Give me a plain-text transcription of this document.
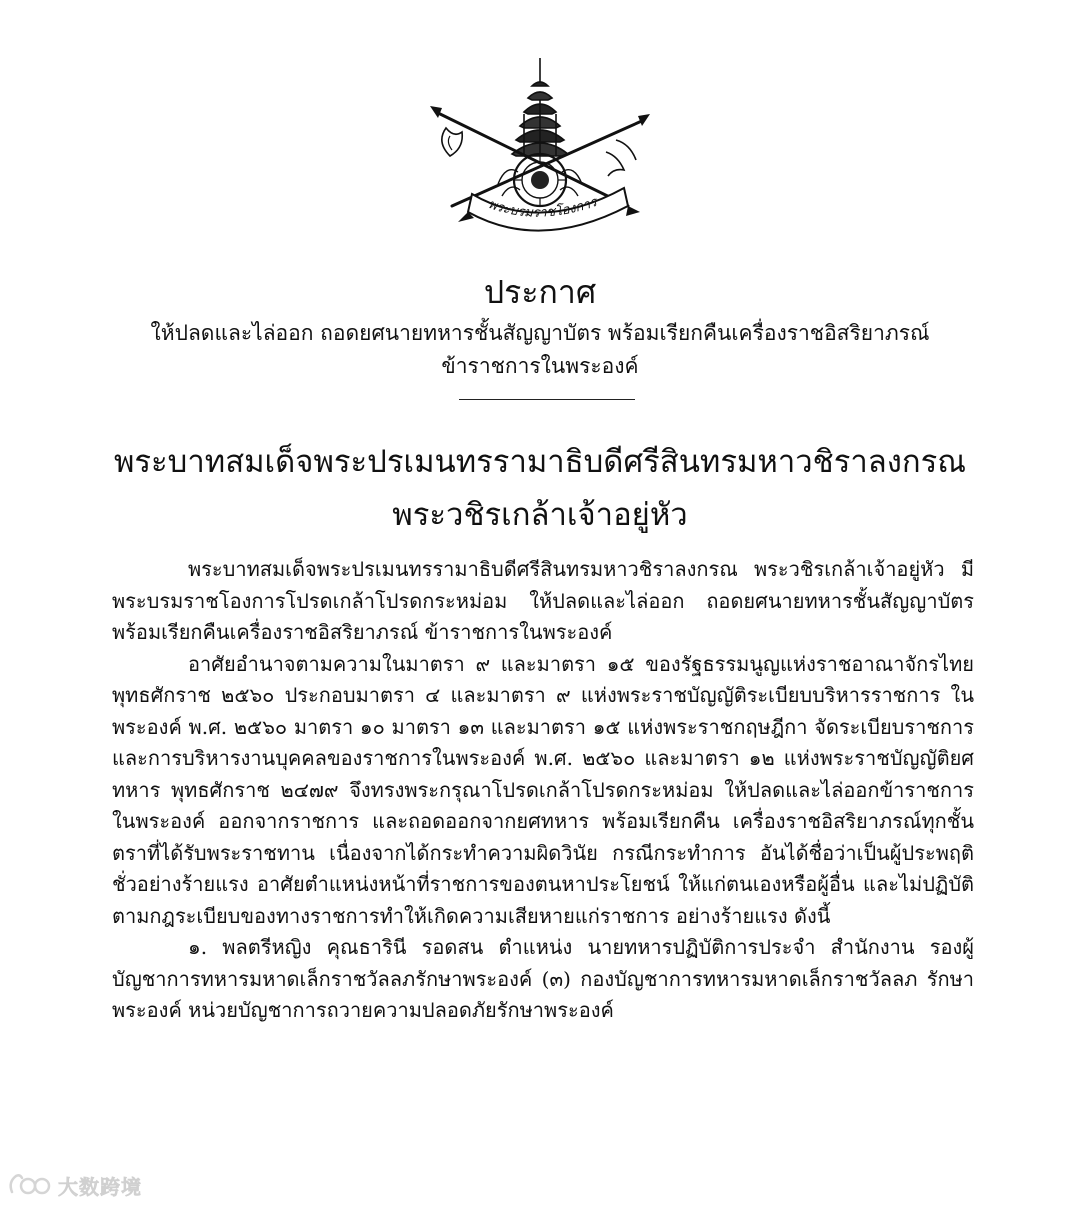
พระบรมราชโองการ
ประกาศ
ให้ปลดและไล่ออก ถอดยศนายทหารชั้นสัญญาบัตร พร้อมเรียกคืนเครื่องราชอิสริยาภรณ์
ข้าราชการในพระองค์
พระบาทสมเด็จพระปรเมนทรรามาธิบดีศรีสินทรมหาวชิราลงกรณ
พระวชิรเกล้าเจ้าอยู่หัว

พระบาทสมเด็จพระปรเมนทรรามาธิบดีศรีสินทรมหาวชิราลงกรณ พระวชิรเกล้าเจ้าอยู่หัว มีพระบรมราชโองการโปรดเกล้าโปรดกระหม่อม ให้ปลดและไล่ออก ถอดยศนายทหารชั้นสัญญาบัตร พร้อมเรียกคืนเครื่องราชอิสริยาภรณ์ ข้าราชการในพระองค์

อาศัยอำนาจตามความในมาตรา ๙ และมาตรา ๑๕ ของรัฐธรรมนูญแห่งราชอาณาจักรไทย พุทธศักราช ๒๕๖๐ ประกอบมาตรา ๔ และมาตรา ๙ แห่งพระราชบัญญัติระเบียบบริหารราชการ ในพระองค์ พ.ศ. ๒๕๖๐ มาตรา ๑๐ มาตรา ๑๓ และมาตรา ๑๕ แห่งพระราชกฤษฎีกา จัดระเบียบราชการและการบริหารงานบุคคลของราชการในพระองค์ พ.ศ. ๒๕๖๐ และมาตรา ๑๒ แห่งพระราชบัญญัติยศทหาร พุทธศักราช ๒๔๗๙ จึงทรงพระกรุณาโปรดเกล้าโปรดกระหม่อม ให้ปลดและไล่ออกข้าราชการในพระองค์ ออกจากราชการ และถอดออกจากยศทหาร พร้อมเรียกคืน เครื่องราชอิสริยาภรณ์ทุกชั้นตราที่ได้รับพระราชทาน เนื่องจากได้กระทำความผิดวินัย กรณีกระทำการ อันได้ชื่อว่าเป็นผู้ประพฤติชั่วอย่างร้ายแรง อาศัยตำแหน่งหน้าที่ราชการของตนหาประโยชน์ ให้แก่ตนเองหรือผู้อื่น และไม่ปฏิบัติตามกฎระเบียบของทางราชการทำให้เกิดความเสียหายแก่ราชการ อย่างร้ายแรง ดังนี้

๑. พลตรีหญิง คุณธารินี รอดสน ตำแหน่ง นายทหารปฏิบัติการประจำ สำนักงาน รองผู้บัญชาการทหารมหาดเล็กราชวัลลภรักษาพระองค์ (๓) กองบัญชาการทหารมหาดเล็กราชวัลลภ รักษาพระองค์ หน่วยบัญชาการถวายความปลอดภัยรักษาพระองค์

大数跨境
